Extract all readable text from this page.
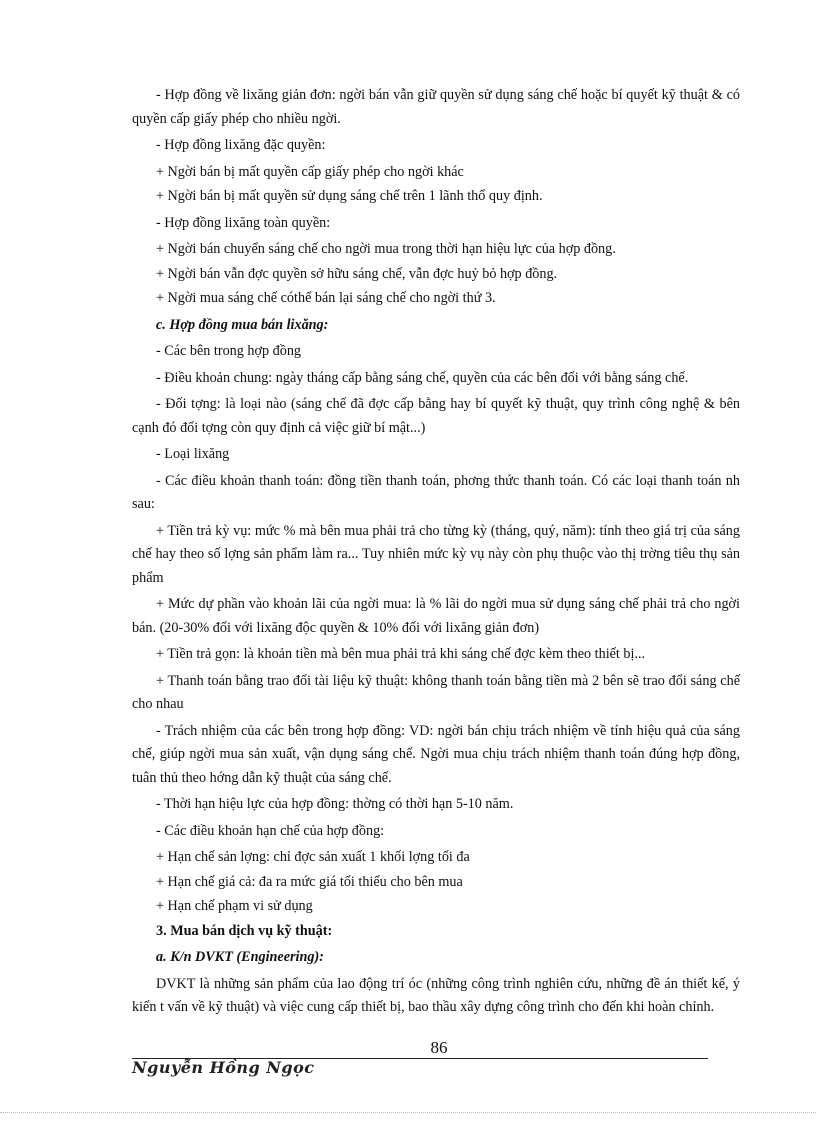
- Hợp đồng về lixăng giản đơn: ngời bán vẫn giữ quyền sử dụng sáng chế hoặc bí quyết kỹ thuật & có quyền cấp giấy phép cho nhiều ngời.

- Hợp đồng lixăng đặc quyền:

+ Ngời bán bị mất quyền cấp giấy phép cho ngời khác

+ Ngời bán bị mất quyền sử dụng sáng chế trên 1 lãnh thổ quy định.

- Hợp đồng lixăng toàn quyền:

+ Ngời bán chuyển sáng chế cho ngời mua trong thời hạn hiệu lực của hợp đồng.

+ Ngời bán vẫn đợc quyền sở hữu sáng chế, vẫn đợc huỷ bỏ hợp đồng.

+ Ngời mua sáng chế cóthể bán lại sáng chế cho ngời thứ 3.

c. Hợp đồng mua bán lixăng:

- Các bên trong hợp đồng

- Điều khoản chung: ngày tháng cấp bằng sáng chế, quyền của các bên đối với bằng sáng chế.

- Đối tợng: là loại nào (sáng chế đã đợc cấp bằng hay bí quyết kỹ thuật, quy trình công nghệ & bên cạnh đó đối tợng còn quy định cả việc giữ bí mật...)

- Loại lixăng

- Các điều khoản thanh toán: đồng tiền thanh toán, phơng thức thanh toán. Có các loại thanh toán nh sau:

+ Tiền trả kỳ vụ: mức % mà bên mua phải trả cho từng kỳ (tháng, quý, năm): tính theo giá trị của sáng chế hay theo số lợng sản phẩm làm ra... Tuy nhiên mức kỳ vụ này còn phụ thuộc vào thị trờng tiêu thụ sản phẩm

+ Mức dự phần vào khoản lãi của ngời mua: là % lãi do ngời mua sử dụng sáng chế phải trả cho ngời bán. (20-30% đối với lixăng độc quyền & 10% đối với lixăng giản đơn)

+ Tiền trả gọn: là khoản tiền mà bên mua phải trả khi sáng chế đợc kèm theo thiết bị...

+ Thanh toán bằng trao đổi tài liệu kỹ thuật: không thanh toán bằng tiền mà 2 bên sẽ trao đổi sáng chế cho nhau

- Trách nhiệm của các bên trong hợp đồng: VD: ngời bán chịu trách nhiệm về tính hiệu quả của sáng chế, giúp ngời mua sản xuất, vận dụng sáng chế. Ngời mua chịu trách nhiệm thanh toán đúng hợp đồng, tuân thủ theo hớng dẫn kỹ thuật của sáng chế.

- Thời hạn hiệu lực của hợp đồng: thờng có thời hạn 5-10 năm.

- Các điều khoản hạn chế của hợp đồng:

+ Hạn chế sản lợng: chỉ đợc sản xuất 1 khối lợng tối đa

+ Hạn chế giá cả: đa ra mức giá tối thiểu cho bên mua

+ Hạn chế phạm vi sử dụng

3. Mua bán dịch vụ kỹ thuật:

a. K/n DVKT (Engineering):

DVKT là những sản phẩm của lao động trí óc (những công trình nghiên cứu, những đề án thiết kế, ý kiến t vấn về kỹ thuật) và việc cung cấp thiết bị, bao thầu xây dựng công trình cho đến khi hoàn chỉnh.

86
Nguyễn Hồng Ngọc
